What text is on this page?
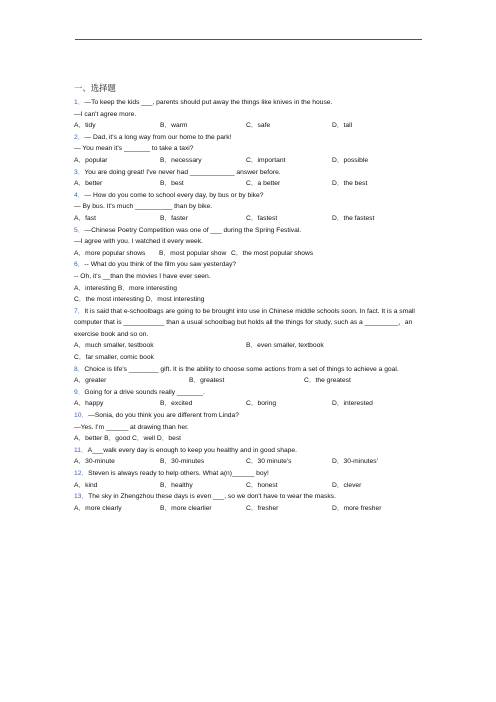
一、选择题
1．—To keep the kids ___, parents should put away the things like knives in the house.
—I can't agree more.
A．tidy	B．warm	C．safe	D．tall
2．— Dad, it's a long way from our home to the park!
— You mean it's _______ to take a taxi?
A．popular	B．necessary	C．important	D．possible
3．You are doing great! I've never had ____________ answer before.
A．better	B．best	C．a better	D．the best
4．— How do you come to school every day, by bus or by bike?
— By bus. It's much __________ than by bike.
A．fast	B．faster	C．fastest	D．the fastest
5．—Chinese Poetry Competition was one of ___ during the Spring Festival.
—I agree with you. I watched it every week.
A．more popular shows	B．most popular show C．the most popular shows
6．-- What do you think of the film you saw yesterday?
-- Oh, it's __than the movies I have ever seen.
A．interesting B．more interesting
C．the most interesting D．most interesting
7．It is said that e-schoolbags are going to be brought into use in Chinese middle schools soon. In fact. It is a small computer that is ___________ than a usual schoolbag but holds all the things for study, such as a _________，an exercise book and so on.
A．much smaller, testbook	B．even smaller, textbook
C．far smaller, comic book
8．Choice is life's ________ gift. It is the ability to choose some actions from a set of things to achieve a goal.
A．greater	B．greatest	C．the greatest
9．Going for a drive sounds really _______.
A．happy	B．excited	C．boring	D．interested
10．—Sonia, do you think you are different from Linda?
—Yes. I'm ______ at drawing than her.
A．better B．good C．well D．best
11．A___walk every day is enough to keep you healthy and in good shape.
A．30-minute	B．30-minutes	C．30 minute's	D．30-minutes'
12．Steven is always ready to help others. What a(n)______ boy!
A．kind	B．healthy	C．honest	D．clever
13．The sky in Zhengzhou these days is even ___, so we don't have to wear the masks.
A．more clearly	B．more clearlier	C．fresher	D．more fresher
